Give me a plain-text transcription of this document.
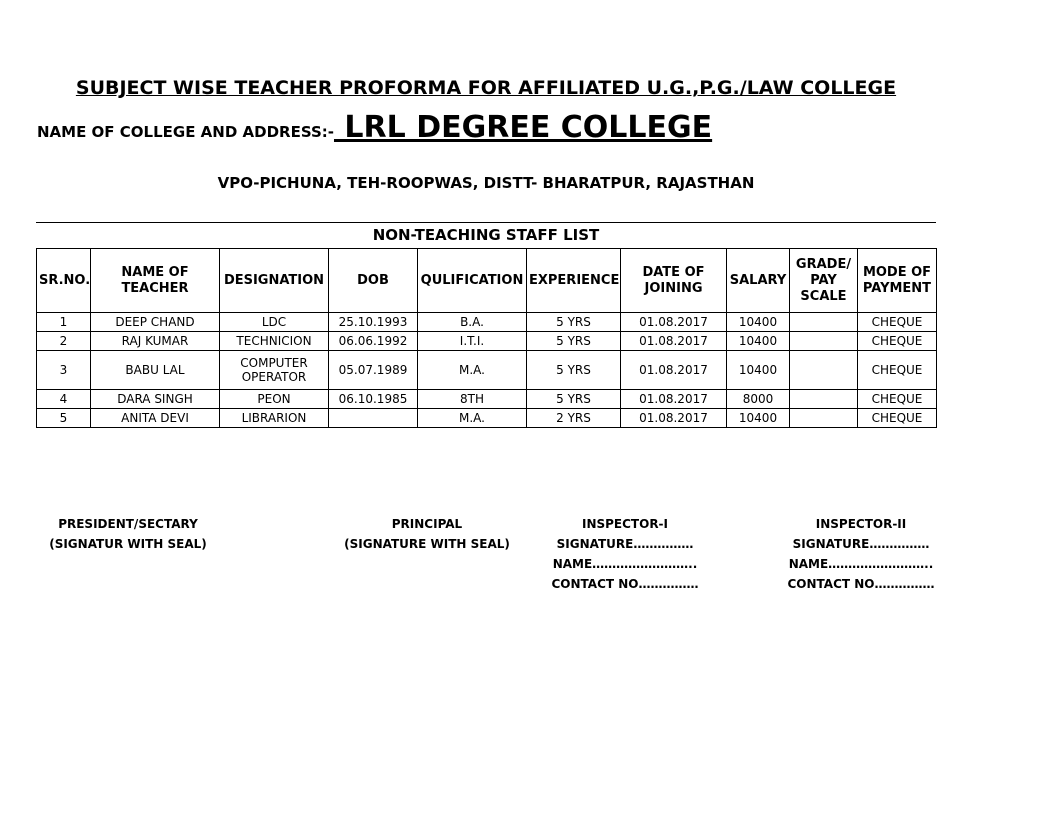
SUBJECT WISE TEACHER PROFORMA FOR AFFILIATED U.G.,P.G./LAW COLLEGE
NAME OF COLLEGE AND ADDRESS:- LRL DEGREE COLLEGE
VPO-PICHUNA, TEH-ROOPWAS, DISTT- BHARATPUR, RAJASTHAN
NON-TEACHING STAFF LIST
SR.NO.	NAME OF TEACHER	DESIGNATION	DOB	QULIFICATION	EXPERIENCE	DATE OF JOINING	SALARY	GRADE/ PAY SCALE	MODE OF PAYMENT
1	DEEP CHAND	LDC	25.10.1993	B.A.	5 YRS	01.08.2017	10400		CHEQUE
2	RAJ KUMAR	TECHNICION	06.06.1992	I.T.I.	5 YRS	01.08.2017	10400		CHEQUE
3	BABU LAL	COMPUTER OPERATOR	05.07.1989	M.A.	5 YRS	01.08.2017	10400		CHEQUE
4	DARA SINGH	PEON	06.10.1985	8TH	5 YRS	01.08.2017	8000		CHEQUE
5	ANITA DEVI	LIBRARION		M.A.	2 YRS	01.08.2017	10400		CHEQUE
PRESIDENT/SECTARY
(SIGNATUR WITH SEAL)
PRINCIPAL
(SIGNATURE WITH SEAL)
INSPECTOR-I
SIGNATURE……………
NAME……………………..
CONTACT NO……………
INSPECTOR-II
SIGNATURE……………
NAME……………………..
CONTACT NO……………
